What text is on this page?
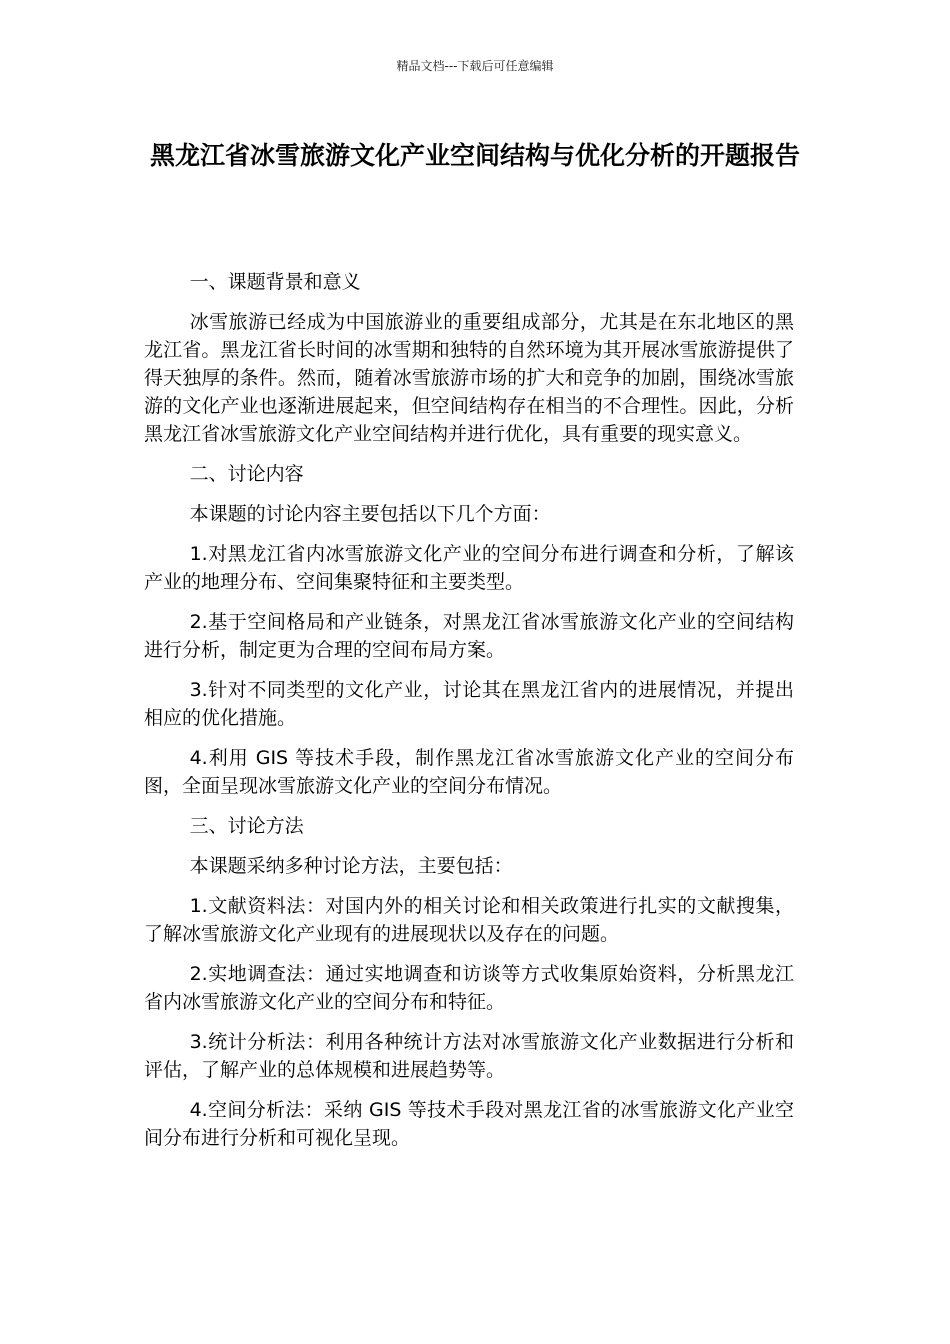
精品文档---下载后可任意编辑
黑龙江省冰雪旅游文化产业空间结构与优化分析的开题报告

一、课题背景和意义

冰雪旅游已经成为中国旅游业的重要组成部分，尤其是在东北地区的黑龙江省。黑龙江省长时间的冰雪期和独特的自然环境为其开展冰雪旅游提供了得天独厚的条件。然而，随着冰雪旅游市场的扩大和竞争的加剧，围绕冰雪旅游的文化产业也逐渐进展起来，但空间结构存在相当的不合理性。因此，分析黑龙江省冰雪旅游文化产业空间结构并进行优化，具有重要的现实意义。

二、讨论内容

本课题的讨论内容主要包括以下几个方面：

1.对黑龙江省内冰雪旅游文化产业的空间分布进行调查和分析，了解该产业的地理分布、空间集聚特征和主要类型。

2.基于空间格局和产业链条，对黑龙江省冰雪旅游文化产业的空间结构进行分析，制定更为合理的空间布局方案。

3.针对不同类型的文化产业，讨论其在黑龙江省内的进展情况，并提出相应的优化措施。

4.利用 GIS 等技术手段，制作黑龙江省冰雪旅游文化产业的空间分布图，全面呈现冰雪旅游文化产业的空间分布情况。

三、讨论方法

本课题采纳多种讨论方法，主要包括：

1.文献资料法：对国内外的相关讨论和相关政策进行扎实的文献搜集，了解冰雪旅游文化产业现有的进展现状以及存在的问题。

2.实地调查法：通过实地调查和访谈等方式收集原始资料，分析黑龙江省内冰雪旅游文化产业的空间分布和特征。

3.统计分析法：利用各种统计方法对冰雪旅游文化产业数据进行分析和评估，了解产业的总体规模和进展趋势等。

4.空间分析法：采纳 GIS 等技术手段对黑龙江省的冰雪旅游文化产业空间分布进行分析和可视化呈现。
